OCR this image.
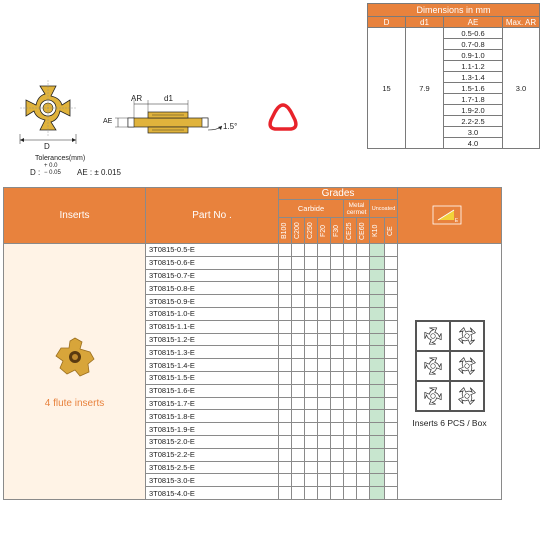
AR	d1
AE
D
1.5°
Tolerances(mm)
D :
+ 0.0
− 0.05 AE : ± 0.015
Dimensions in mm			
D	d1	AE	Max. AR
15	7.9	0.5-0.6	3.0
		0.7-0.8	
		0.9-1.0	
		1.1-1.2	
		1.3-1.4	
		1.5-1.6	
		1.7-1.8	
		1.9-2.0	
		2.2-2.5	
		3.0	
		4.0	
Inserts	Part No .	Grades									$^E$
		Carbide					Metal cermet		Uncoated		

		B100	C200	C250	F20	F30	CE25	CE60	K10	CE	

4 flute inserts	3T0815-0.5-E										Inserts 6 PCS / Box

	3T0815-0.6-E										
	3T0815-0.7-E										
	3T0815-0.8-E										
	3T0815-0.9-E										
	3T0815-1.0-E										
	3T0815-1.1-E										
	3T0815-1.2-E										
	3T0815-1.3-E										
	3T0815-1.4-E										
	3T0815-1.5-E										
	3T0815-1.6-E										
	3T0815-1.7-E										
	3T0815-1.8-E										
	3T0815-1.9-E										
	3T0815-2.0-E										
	3T0815-2.2-E										
	3T0815-2.5-E										
	3T0815-3.0-E										
	3T0815-4.0-E										
